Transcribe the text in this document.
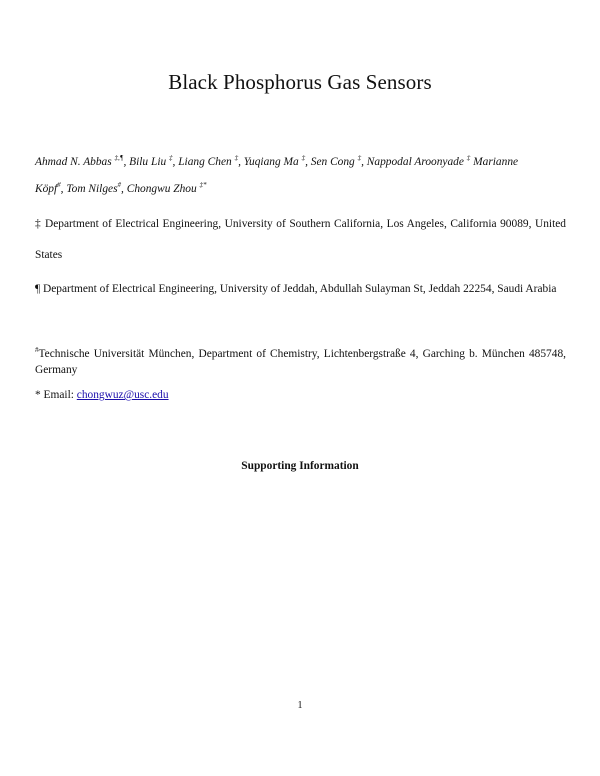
Black Phosphorus Gas Sensors
Ahmad N. Abbas ‡,¶, Bilu Liu ‡, Liang Chen ‡, Yuqiang Ma ‡, Sen Cong ‡, Nappodal Aroonyade ‡ Marianne
Köpf#, Tom Nilges#, Chongwu Zhou ‡*
‡ Department of Electrical Engineering, University of Southern California, Los Angeles, California 90089, United States
¶ Department of Electrical Engineering, University of Jeddah, Abdullah Sulayman St, Jeddah 22254, Saudi Arabia
#Technische Universität München, Department of Chemistry, Lichtenbergstraße 4, Garching b. München 485748, Germany
* Email: chongwuz@usc.edu
Supporting Information
1
